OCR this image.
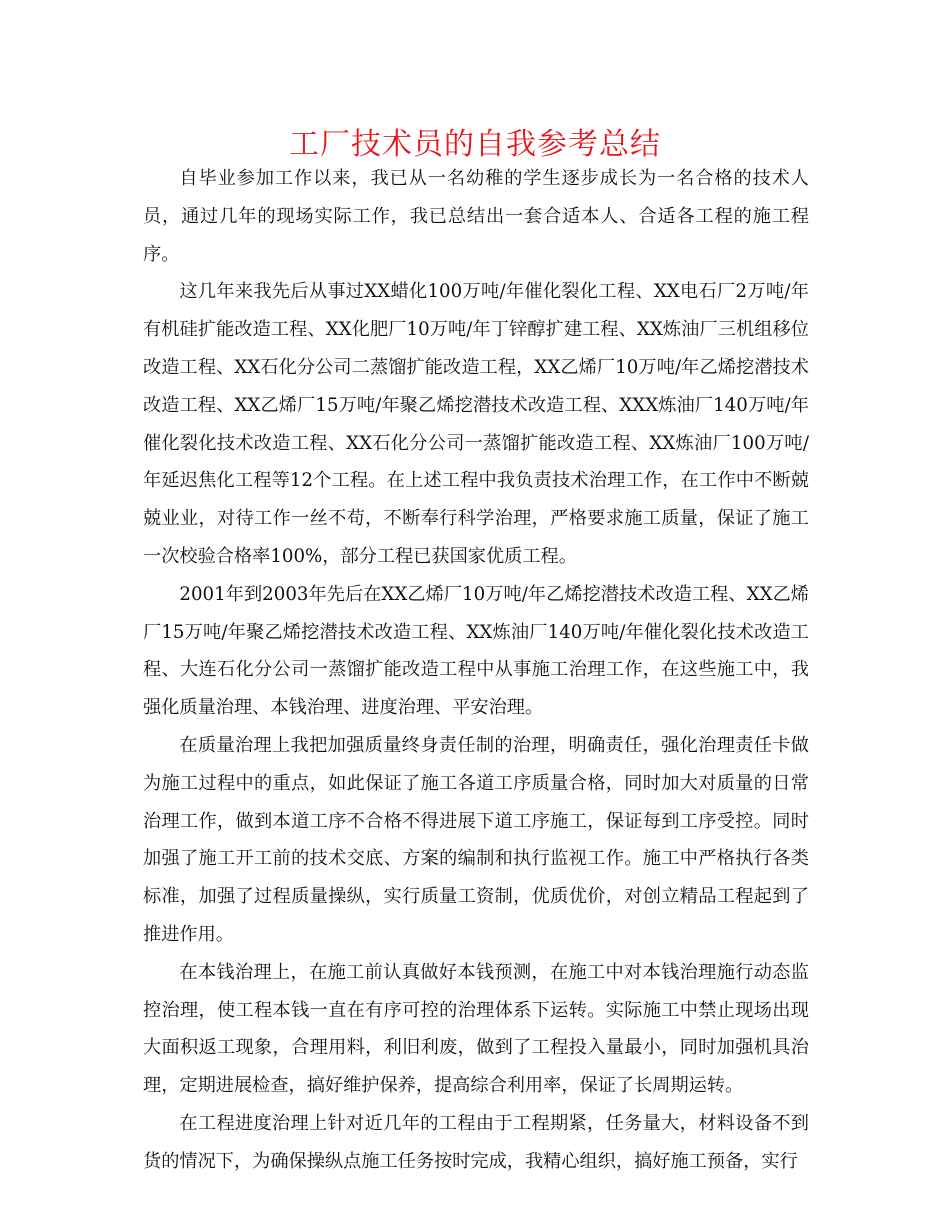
工厂技术员的自我参考总结

自毕业参加工作以来，我已从一名幼稚的学生逐步成长为一名合格的技术人员，通过几年的现场实际工作，我已总结出一套合适本人、合适各工程的施工程序。

这几年来我先后从事过XX蜡化100万吨/年催化裂化工程、XX电石厂2万吨/年有机硅扩能改造工程、XX化肥厂10万吨/年丁锌醇扩建工程、XX炼油厂三机组移位改造工程、XX石化分公司二蒸馏扩能改造工程，XX乙烯厂10万吨/年乙烯挖潜技术改造工程、XX乙烯厂15万吨/年聚乙烯挖潜技术改造工程、XXX炼油厂140万吨/年催化裂化技术改造工程、XX石化分公司一蒸馏扩能改造工程、XX炼油厂100万吨/年延迟焦化工程等12个工程。在上述工程中我负责技术治理工作，在工作中不断兢兢业业，对待工作一丝不苟，不断奉行科学治理，严格要求施工质量，保证了施工一次校验合格率100%，部分工程已获国家优质工程。

2001年到2003年先后在XX乙烯厂10万吨/年乙烯挖潜技术改造工程、XX乙烯厂15万吨/年聚乙烯挖潜技术改造工程、XX炼油厂140万吨/年催化裂化技术改造工程、大连石化分公司一蒸馏扩能改造工程中从事施工治理工作，在这些施工中，我强化质量治理、本钱治理、进度治理、平安治理。

在质量治理上我把加强质量终身责任制的治理，明确责任，强化治理责任卡做为施工过程中的重点，如此保证了施工各道工序质量合格，同时加大对质量的日常治理工作，做到本道工序不合格不得进展下道工序施工，保证每到工序受控。同时加强了施工开工前的技术交底、方案的编制和执行监视工作。施工中严格执行各类标准，加强了过程质量操纵，实行质量工资制，优质优价，对创立精品工程起到了推进作用。

在本钱治理上，在施工前认真做好本钱预测，在施工中对本钱治理施行动态监控治理，使工程本钱一直在有序可控的治理体系下运转。实际施工中禁止现场出现大面积返工现象，合理用料，利旧利废，做到了工程投入量最小，同时加强机具治理，定期进展检查，搞好维护保养，提高综合利用率，保证了长周期运转。

在工程进度治理上针对近几年的工程由于工程期紧，任务量大，材料设备不到货的情况下，为确保操纵点施工任务按时完成，我精心组织，搞好施工预备，实行
